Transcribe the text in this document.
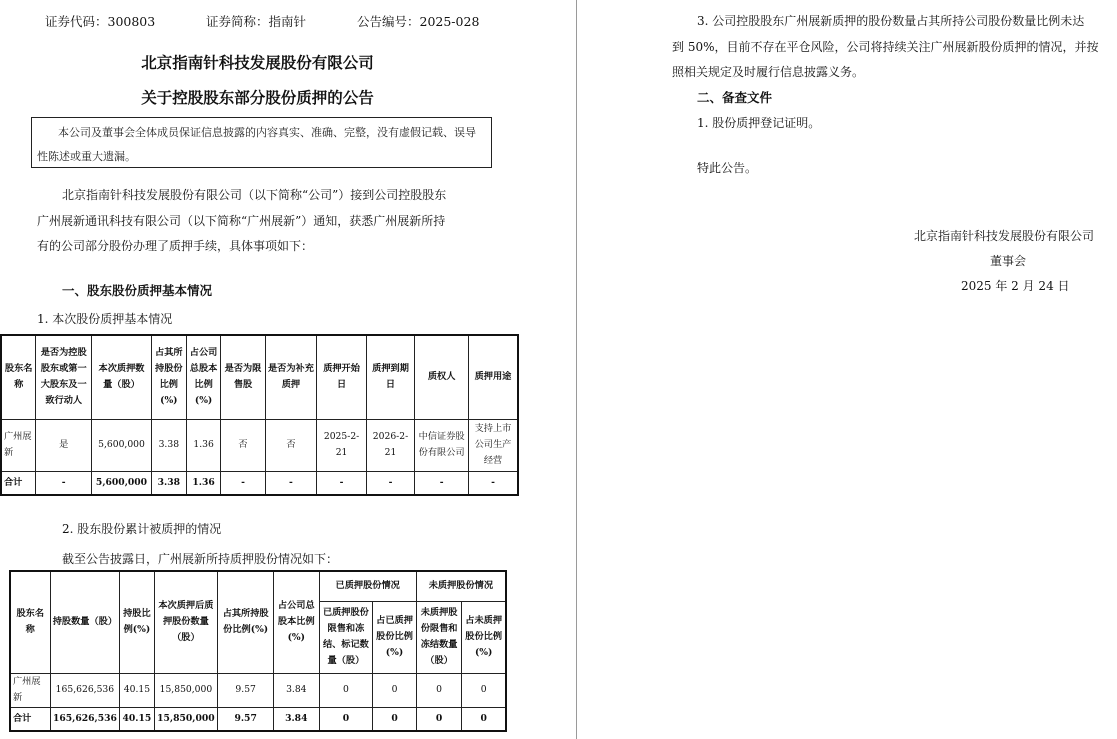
证券代码：300803	证券简称：指南针	公告编号：2025-028
北京指南针科技发展股份有限公司
关于控股股东部分股份质押的公告
本公司及董事会全体成员保证信息披露的内容真实、准确、完整，没有虚假记载、误导
性陈述或重大遗漏。
北京指南针科技发展股份有限公司（以下简称“公司”）接到公司控股股东
广州展新通讯科技有限公司（以下简称“广州展新”）通知，获悉广州展新所持
有的公司部分股份办理了质押手续，具体事项如下：
一、股东股份质押基本情况
1. 本次股份质押基本情况
股东名称	是否为控股股东或第一大股东及一致行动人	本次质押数量（股）	占其所持股份比例(%)	占公司总股本比例(%)	是否为限售股	是否为补充质押	质押开始日	质押到期日	质权人	质押用途
广州展新	是	5,600,000	3.38	1.36	否	否	2025-2-21	2026-2-21	中信证券股份有限公司	支持上市公司生产经营
合计	-	5,600,000	3.38	1.36	-	-	-	-	-	-
2. 股东股份累计被质押的情况
截至公告披露日，广州展新所持质押股份情况如下：
股东名称	持股数量（股）	持股比例(%)	本次质押后质押股份数量（股）	占其所持股份比例(%)	占公司总股本比例(%)	已质押股份情况		未质押股份情况	
						已质押股份限售和冻结、标记数量（股）	占已质押股份比例(%)	未质押股份限售和冻结数量（股）	占未质押股份比例(%)
广州展新	165,626,536	40.15	15,850,000	9.57	3.84	0	0	0	0
合计	165,626,536	40.15	15,850,000	9.57	3.84	0	0	0	0
3. 公司控股股东广州展新质押的股份数量占其所持公司股份数量比例未达
到 50%，目前不存在平仓风险，公司将持续关注广州展新股份质押的情况，并按
照相关规定及时履行信息披露义务。
二、备查文件
1. 股份质押登记证明。
特此公告。
北京指南针科技发展股份有限公司
董事会
2025 年 2 月 24 日
